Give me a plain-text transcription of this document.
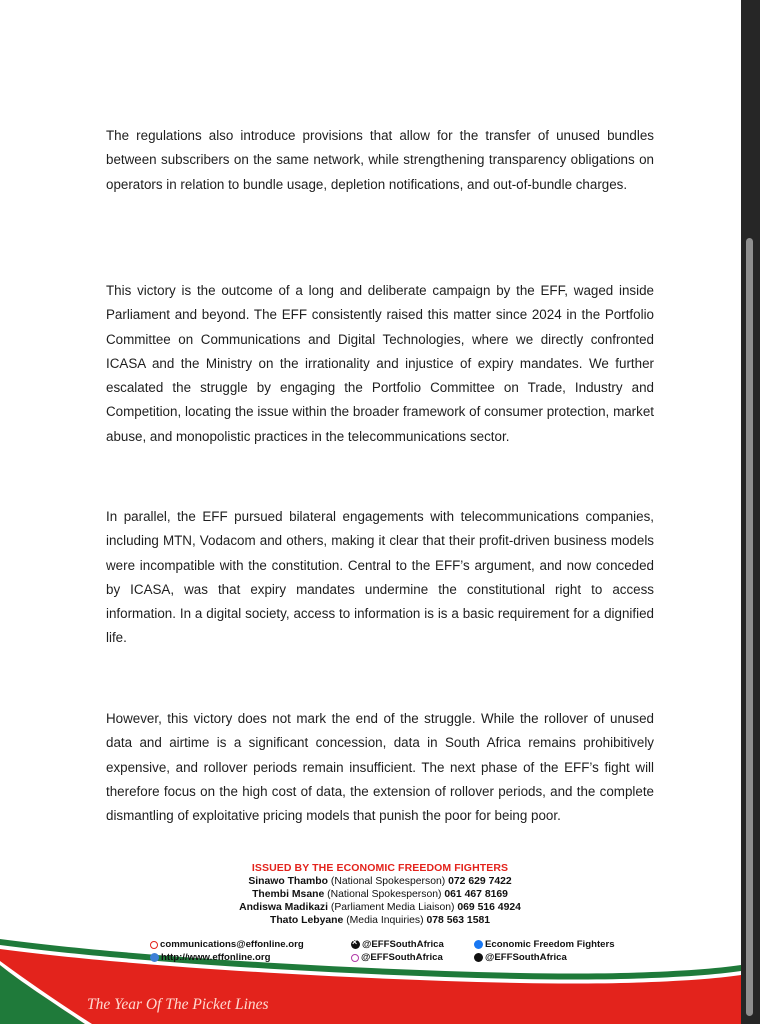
The regulations also introduce provisions that allow for the transfer of unused bundles between subscribers on the same network, while strengthening transparency obligations on operators in relation to bundle usage, depletion notifications, and out-of-bundle charges.

This victory is the outcome of a long and deliberate campaign by the EFF, waged inside Parliament and beyond. The EFF consistently raised this matter since 2024 in the Portfolio Committee on Communications and Digital Technologies, where we directly confronted ICASA and the Ministry on the irrationality and injustice of expiry mandates. We further escalated the struggle by engaging the Portfolio Committee on Trade, Industry and Competition, locating the issue within the broader framework of consumer protection, market abuse, and monopolistic practices in the telecommunications sector.

In parallel, the EFF pursued bilateral engagements with telecommunications companies, including MTN, Vodacom and others, making it clear that their profit-driven business models were incompatible with the constitution. Central to the EFF’s argument, and now conceded by ICASA, was that expiry mandates undermine the constitutional right to access information. In a digital society, access to information is is a basic requirement for a dignified life.

However, this victory does not mark the end of the struggle. While the rollover of unused data and airtime is a significant concession, data in South Africa remains prohibitively expensive, and rollover periods remain insufficient. The next phase of the EFF’s fight will therefore focus on the high cost of data, the extension of rollover periods, and the complete dismantling of exploitative pricing models that punish the poor for being poor.

ISSUED BY THE ECONOMIC FREEDOM FIGHTERS
Sinawo Thambo (National Spokesperson) 072 629 7422
Thembi Msane (National Spokesperson) 061 467 8169
Andiswa Madikazi (Parliament Media Liaison) 069 516 4924
Thato Lebyane (Media Inquiries) 078 563 1581
communications@effonline.org
http://www.effonline.org
×
@EFFSouthAfrica
@EFFSouthAfrica
Economic Freedom Fighters
@EFFSouthAfrica
The Year Of The Picket Lines
